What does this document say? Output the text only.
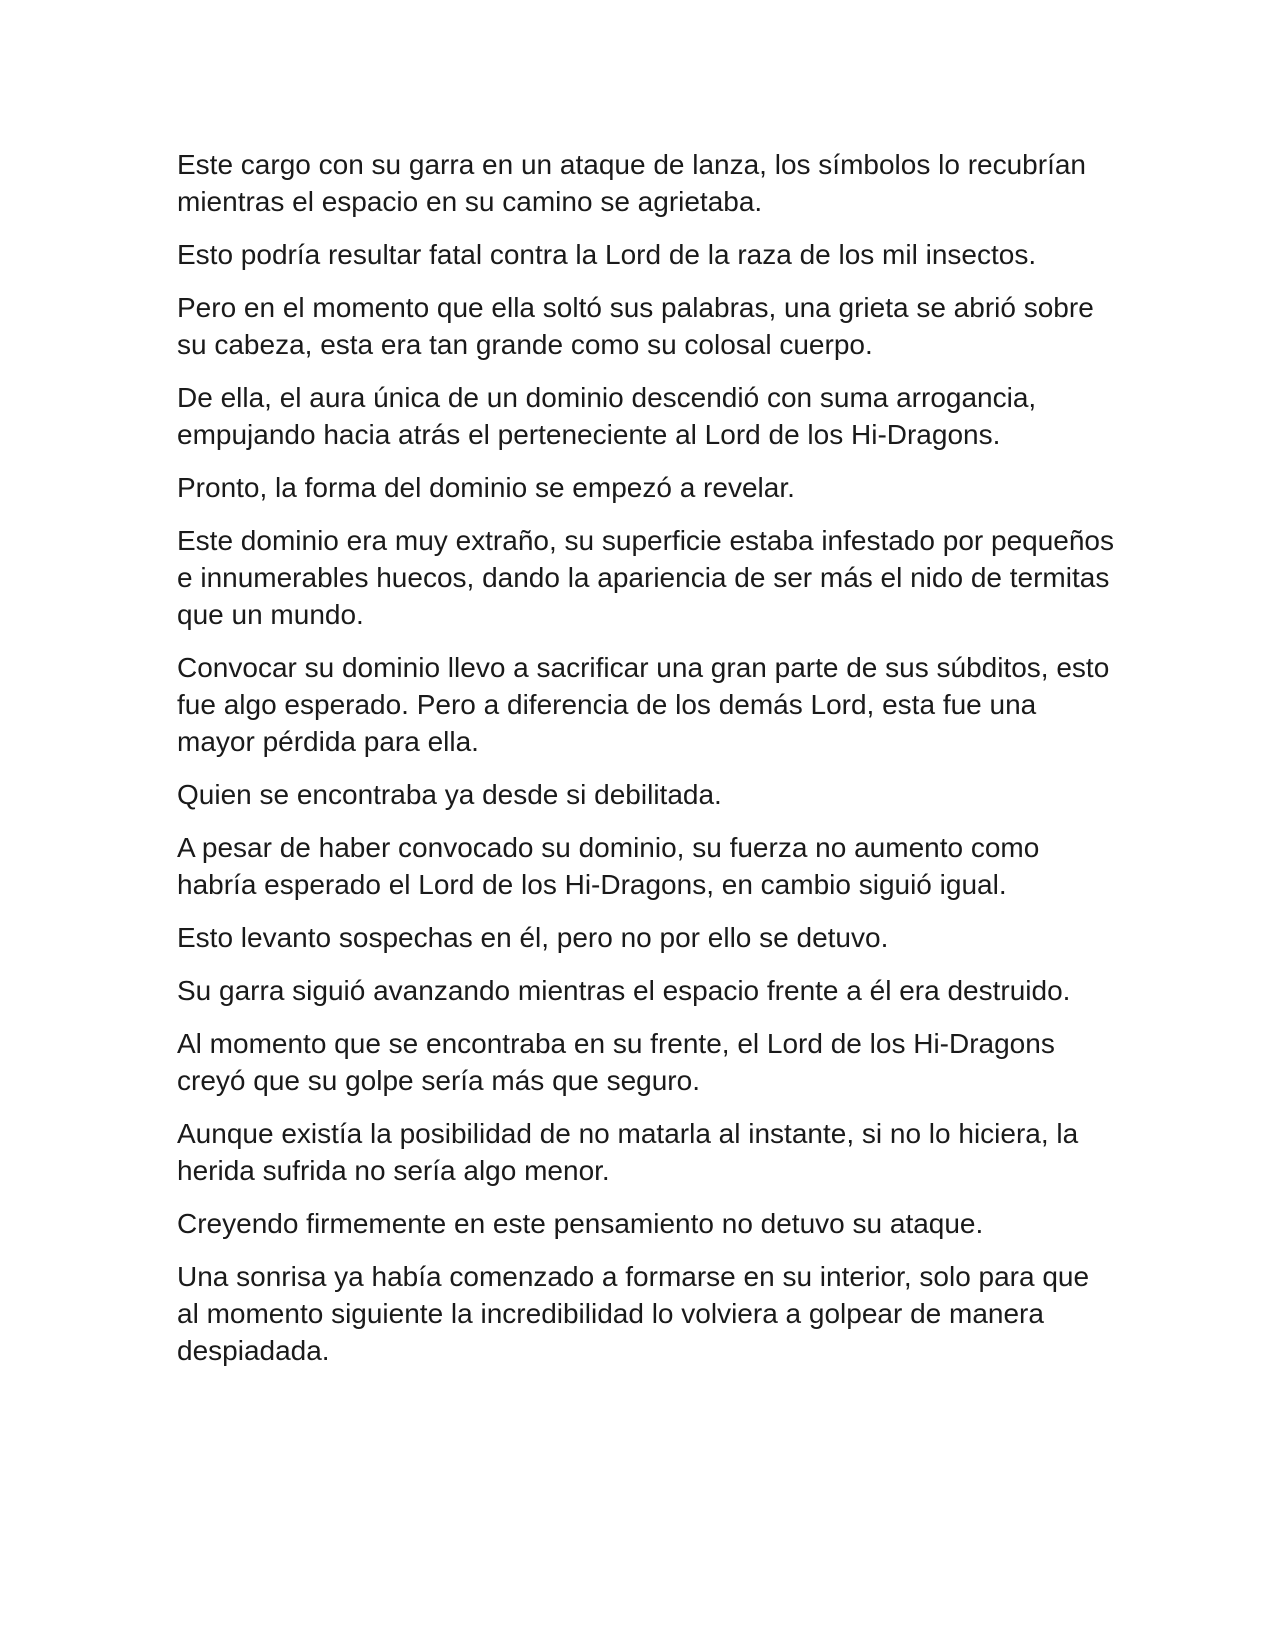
Este cargo con su garra en un ataque de lanza, los símbolos lo recubrían mientras el espacio en su camino se agrietaba.

Esto podría resultar fatal contra la Lord de la raza de los mil insectos.

Pero en el momento que ella soltó sus palabras, una grieta se abrió sobre su cabeza, esta era tan grande como su colosal cuerpo.

De ella, el aura única de un dominio descendió con suma arrogancia, empujando hacia atrás el perteneciente al Lord de los Hi-Dragons.

Pronto, la forma del dominio se empezó a revelar.

Este dominio era muy extraño, su superficie estaba infestado por pequeños e innumerables huecos, dando la apariencia de ser más el nido de termitas que un mundo.

Convocar su dominio llevo a sacrificar una gran parte de sus súbditos, esto fue algo esperado. Pero a diferencia de los demás Lord, esta fue una mayor pérdida para ella.

Quien se encontraba ya desde si debilitada.

A pesar de haber convocado su dominio, su fuerza no aumento como habría esperado el Lord de los Hi-Dragons, en cambio siguió igual.

Esto levanto sospechas en él, pero no por ello se detuvo.

Su garra siguió avanzando mientras el espacio frente a él era destruido.

Al momento que se encontraba en su frente, el Lord de los Hi-Dragons creyó que su golpe sería más que seguro.

Aunque existía la posibilidad de no matarla al instante, si no lo hiciera, la herida sufrida no sería algo menor.

Creyendo firmemente en este pensamiento no detuvo su ataque.

Una sonrisa ya había comenzado a formarse en su interior, solo para que al momento siguiente la incredibilidad lo volviera a golpear de manera despiadada.
